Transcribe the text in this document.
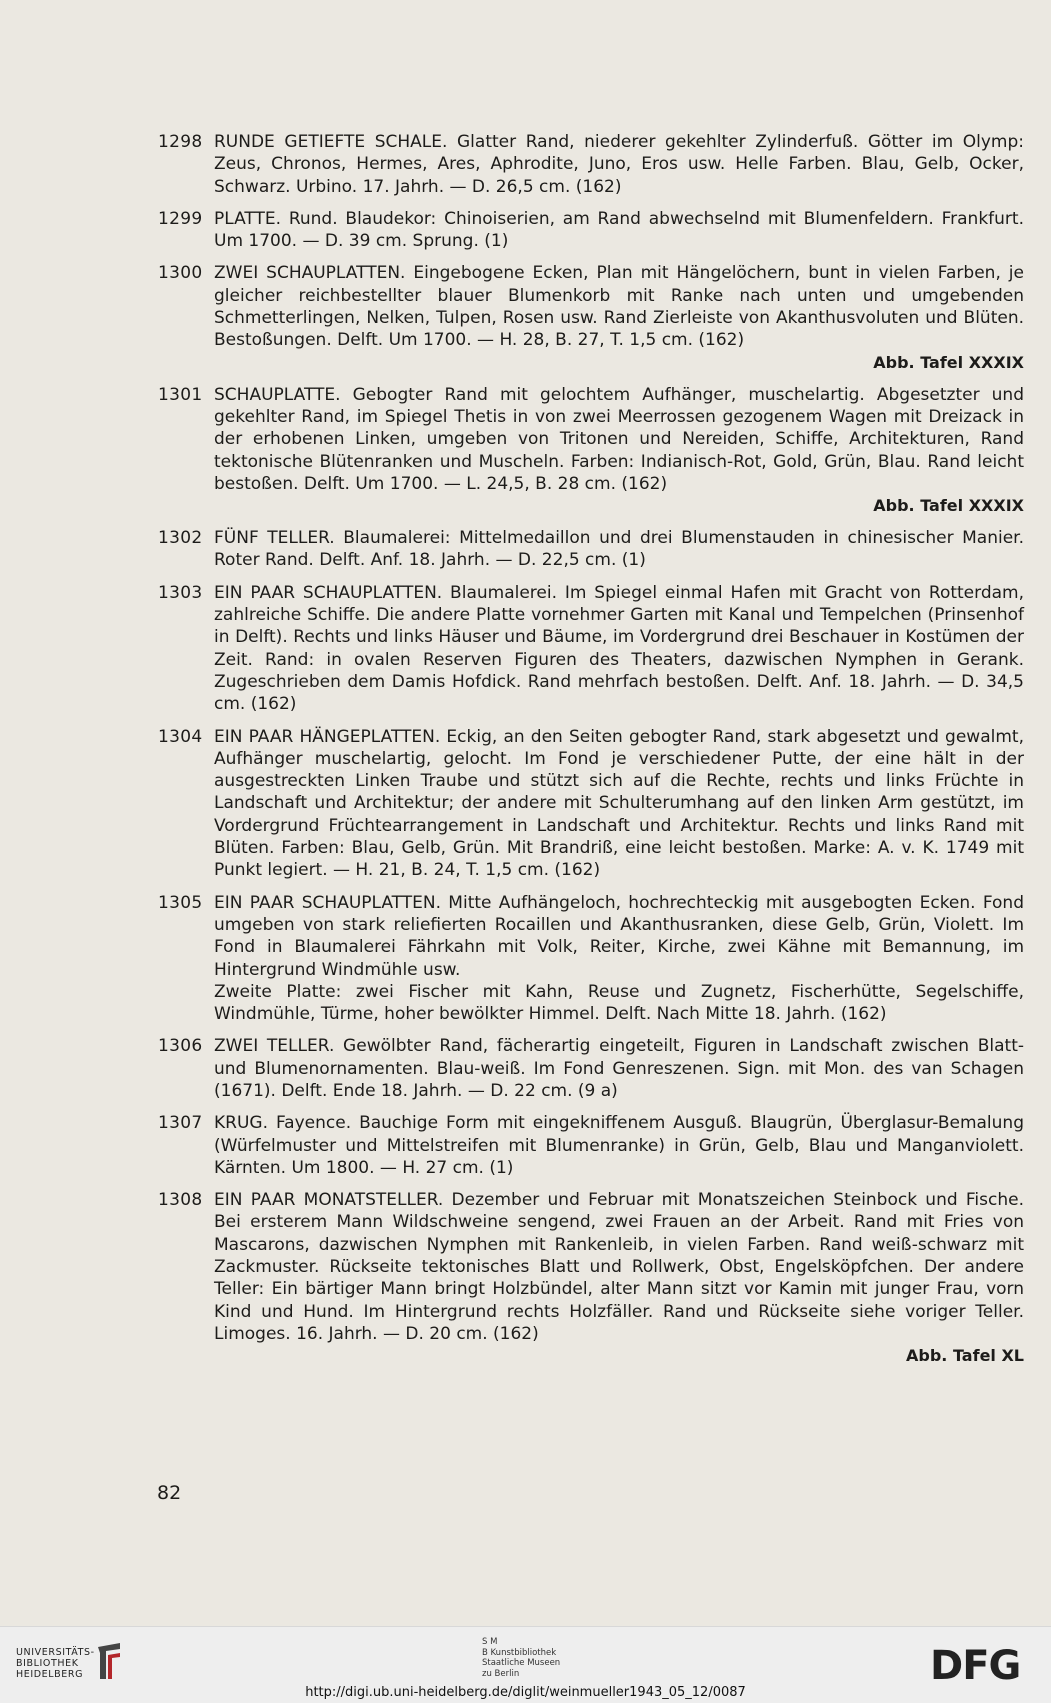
1298 RUNDE GETIEFTE SCHALE. Glatter Rand, niederer gekehlter Zylinderfuß. Götter im Olymp: Zeus, Chronos, Hermes, Ares, Aphrodite, Juno, Eros usw. Helle Farben. Blau, Gelb, Ocker, Schwarz. Urbino. 17. Jahrh. — D. 26,5 cm. (162)

1299 PLATTE. Rund. Blaudekor: Chinoiserien, am Rand abwechselnd mit Blumenfeldern. Frankfurt. Um 1700. — D. 39 cm. Sprung. (1)

1300 ZWEI SCHAUPLATTEN. Eingebogene Ecken, Plan mit Hängelöchern, bunt in vielen Farben, je gleicher reichbestellter blauer Blumenkorb mit Ranke nach unten und umgebenden Schmetterlingen, Nelken, Tulpen, Rosen usw. Rand Zierleiste von Akanthusvoluten und Blüten. Bestoßungen. Delft. Um 1700. — H. 28, B. 27, T. 1,5 cm. (162)

Abb. Tafel XXXIX
1301 SCHAUPLATTE. Gebogter Rand mit gelochtem Aufhänger, muschelartig. Abgesetzter und gekehlter Rand, im Spiegel Thetis in von zwei Meerrossen gezogenem Wagen mit Dreizack in der erhobenen Linken, umgeben von Tritonen und Nereiden, Schiffe, Architekturen, Rand tektonische Blütenranken und Muscheln. Farben: Indianisch-Rot, Gold, Grün, Blau. Rand leicht bestoßen. Delft. Um 1700. — L. 24,5, B. 28 cm. (162)

Abb. Tafel XXXIX
1302 FÜNF TELLER. Blaumalerei: Mittelmedaillon und drei Blumenstauden in chinesischer Manier. Roter Rand. Delft. Anf. 18. Jahrh. — D. 22,5 cm. (1)

1303 EIN PAAR SCHAUPLATTEN. Blaumalerei. Im Spiegel einmal Hafen mit Gracht von Rotterdam, zahlreiche Schiffe. Die andere Platte vornehmer Garten mit Kanal und Tempelchen (Prinsenhof in Delft). Rechts und links Häuser und Bäume, im Vordergrund drei Beschauer in Kostümen der Zeit. Rand: in ovalen Reserven Figuren des Theaters, dazwischen Nymphen in Gerank. Zugeschrieben dem Damis Hofdick. Rand mehrfach bestoßen. Delft. Anf. 18. Jahrh. — D. 34,5 cm. (162)

1304 EIN PAAR HÄNGEPLATTEN. Eckig, an den Seiten gebogter Rand, stark abgesetzt und gewalmt, Aufhänger muschelartig, gelocht. Im Fond je verschiedener Putte, der eine hält in der ausgestreckten Linken Traube und stützt sich auf die Rechte, rechts und links Früchte in Landschaft und Architektur; der andere mit Schulterumhang auf den linken Arm gestützt, im Vordergrund Früchtearrangement in Landschaft und Architektur. Rechts und links Rand mit Blüten. Farben: Blau, Gelb, Grün. Mit Brandriß, eine leicht bestoßen. Marke: A. v. K. 1749 mit Punkt legiert. — H. 21, B. 24, T. 1,5 cm. (162)

1305 EIN PAAR SCHAUPLATTEN. Mitte Aufhängeloch, hochrechteckig mit ausgebogten Ecken. Fond umgeben von stark reliefierten Rocaillen und Akanthusranken, diese Gelb, Grün, Violett. Im Fond in Blaumalerei Fährkahn mit Volk, Reiter, Kirche, zwei Kähne mit Bemannung, im Hintergrund Windmühle usw.

Zweite Platte: zwei Fischer mit Kahn, Reuse und Zugnetz, Fischerhütte, Segelschiffe, Windmühle, Türme, hoher bewölkter Himmel. Delft. Nach Mitte 18. Jahrh. (162)

1306 ZWEI TELLER. Gewölbter Rand, fächerartig eingeteilt, Figuren in Landschaft zwischen Blatt- und Blumenornamenten. Blau-weiß. Im Fond Genreszenen. Sign. mit Mon. des van Schagen (1671). Delft. Ende 18. Jahrh. — D. 22 cm. (9 a)

1307 KRUG. Fayence. Bauchige Form mit eingekniffenem Ausguß. Blaugrün, Überglasur-Bemalung (Würfelmuster und Mittelstreifen mit Blumenranke) in Grün, Gelb, Blau und Manganviolett. Kärnten. Um 1800. — H. 27 cm. (1)

1308 EIN PAAR MONATSTELLER. Dezember und Februar mit Monatszeichen Steinbock und Fische. Bei ersterem Mann Wildschweine sengend, zwei Frauen an der Arbeit. Rand mit Fries von Mascarons, dazwischen Nymphen mit Rankenleib, in vielen Farben. Rand weiß-schwarz mit Zackmuster. Rückseite tektonisches Blatt und Rollwerk, Obst, Engelsköpfchen. Der andere Teller: Ein bärtiger Mann bringt Holzbündel, alter Mann sitzt vor Kamin mit junger Frau, vorn Kind und Hund. Im Hintergrund rechts Holzfäller. Rand und Rückseite siehe voriger Teller. Limoges. 16. Jahrh. — D. 20 cm. (162)

Abb. Tafel XL
82
UNIVERSITÄTS-
BIBLIOTHEK
HEIDELBERG
S M
B Kunstbibliothek
Staatliche Museen
zu Berlin	DFG
http://digi.ub.uni-heidelberg.de/diglit/weinmueller1943_05_12/0087
